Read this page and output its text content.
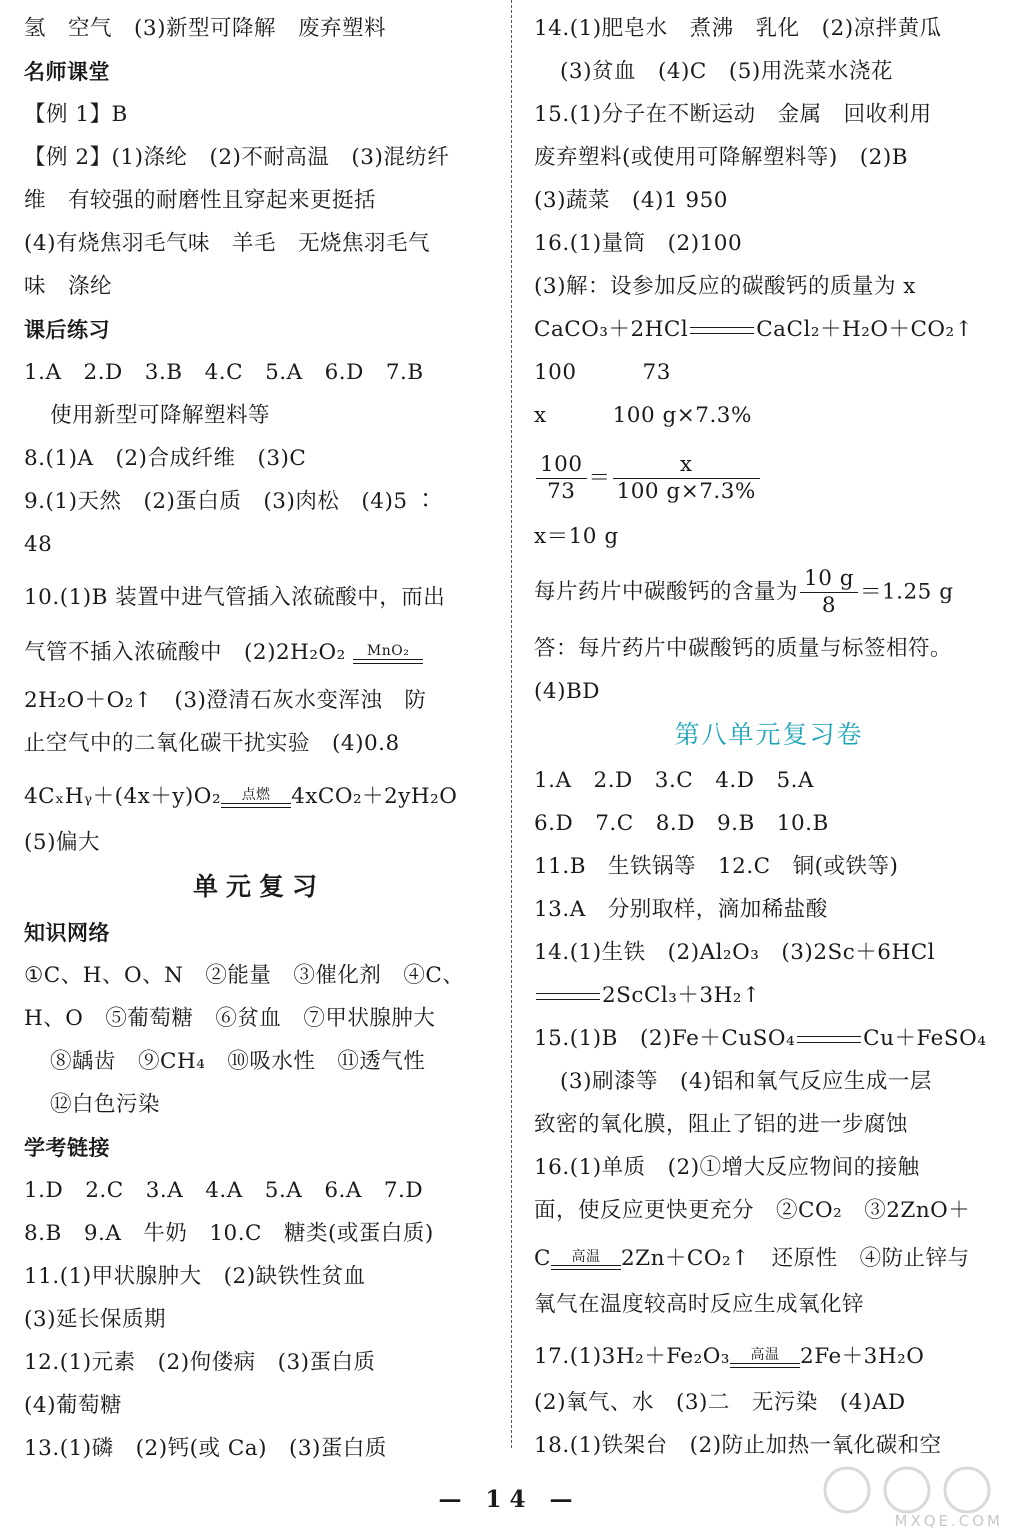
氢　空气　(3)新型可降解　废弃塑料
名师课堂
【例 1】B
【例 2】(1)涤纶　(2)不耐高温　(3)混纺纤
维　有较强的耐磨性且穿起来更挺括
(4)有烧焦羽毛气味　羊毛　无烧焦羽毛气
味　涤纶
课后练习
1.A　2.D　3.B　4.C　5.A　6.D　7.B
使用新型可降解塑料等
8.(1)A　(2)合成纤维　(3)C
9.(1)天然　(2)蛋白质　(3)肉松　(4)5 ∶
48
10.(1)B 装置中进气管插入浓硫酸中，而出
气管不插入浓硫酸中　(2)2H₂O₂ MnO₂
2H₂O＋O₂↑　(3)澄清石灰水变浑浊　防
止空气中的二氧化碳干扰实验　(4)0.8
4CₓHᵧ＋(4x＋y)O₂	点燃 4xCO₂＋2yH₂O
(5)偏大
单元复习
知识网络
①C、H、O、N　②能量　③催化剂　④C、
H、O　⑤葡萄糖　⑥贫血　⑦甲状腺肿大
⑧龋齿　⑨CH₄　⑩吸水性　⑪透气性
⑫白色污染
学考链接
1.D　2.C　3.A　4.A　5.A　6.A　7.D
8.B　9.A　牛奶　10.C　糖类(或蛋白质)
11.(1)甲状腺肿大　(2)缺铁性贫血
(3)延长保质期
12.(1)元素　(2)佝偻病　(3)蛋白质
(4)葡萄糖
13.(1)磷　(2)钙(或 Ca)　(3)蛋白质
14.(1)肥皂水　煮沸　乳化　(2)凉拌黄瓜
(3)贫血　(4)C　(5)用洗菜水浇花
15.(1)分子在不断运动　金属　回收利用
废弃塑料(或使用可降解塑料等)　(2)B
(3)蔬菜　(4)1 950
16.(1)量筒　(2)100
(3)解：设参加反应的碳酸钙的质量为 x
CaCO₃＋2HCl	CaCl₂＋H₂O＋CO₂↑
100　　　73
x　　　100 g×7.3%
$\frac{100}{73} = \frac{x}{100 g\times 7.3\%}$
x＝10 g
每片药片中碳酸钙的含量为 $\frac{10 g}{8} =1.25$ g
答：每片药片中碳酸钙的质量与标签相符。
(4)BD
第八单元复习卷
1.A　2.D　3.C　4.D　5.A
6.D　7.C　8.D　9.B　10.B
11.B　生铁锅等　12.C　铜(或铁等)
13.A　分别取样，滴加稀盐酸
14.(1)生铁　(2)Al₂O₃　(3)2Sc＋6HCl
2ScCl₃＋3H₂↑
15.(1)B　(2)Fe＋CuSO₄	Cu＋FeSO₄
(3)刷漆等　(4)铝和氧气反应生成一层
致密的氧化膜，阻止了铝的进一步腐蚀
16.(1)单质　(2)①增大反应物间的接触
面，使反应更快更充分　②CO₂　③2ZnO＋
C	高温 2Zn＋CO₂↑　还原性　④防止锌与
氧气在温度较高时反应生成氧化锌
17.(1)3H₂＋Fe₂O₃	高温 2Fe＋3H₂O
(2)氧气、水　(3)二　无污染　(4)AD
18.(1)铁架台　(2)防止加热一氧化碳和空
— 14 —
MXQE.COM
